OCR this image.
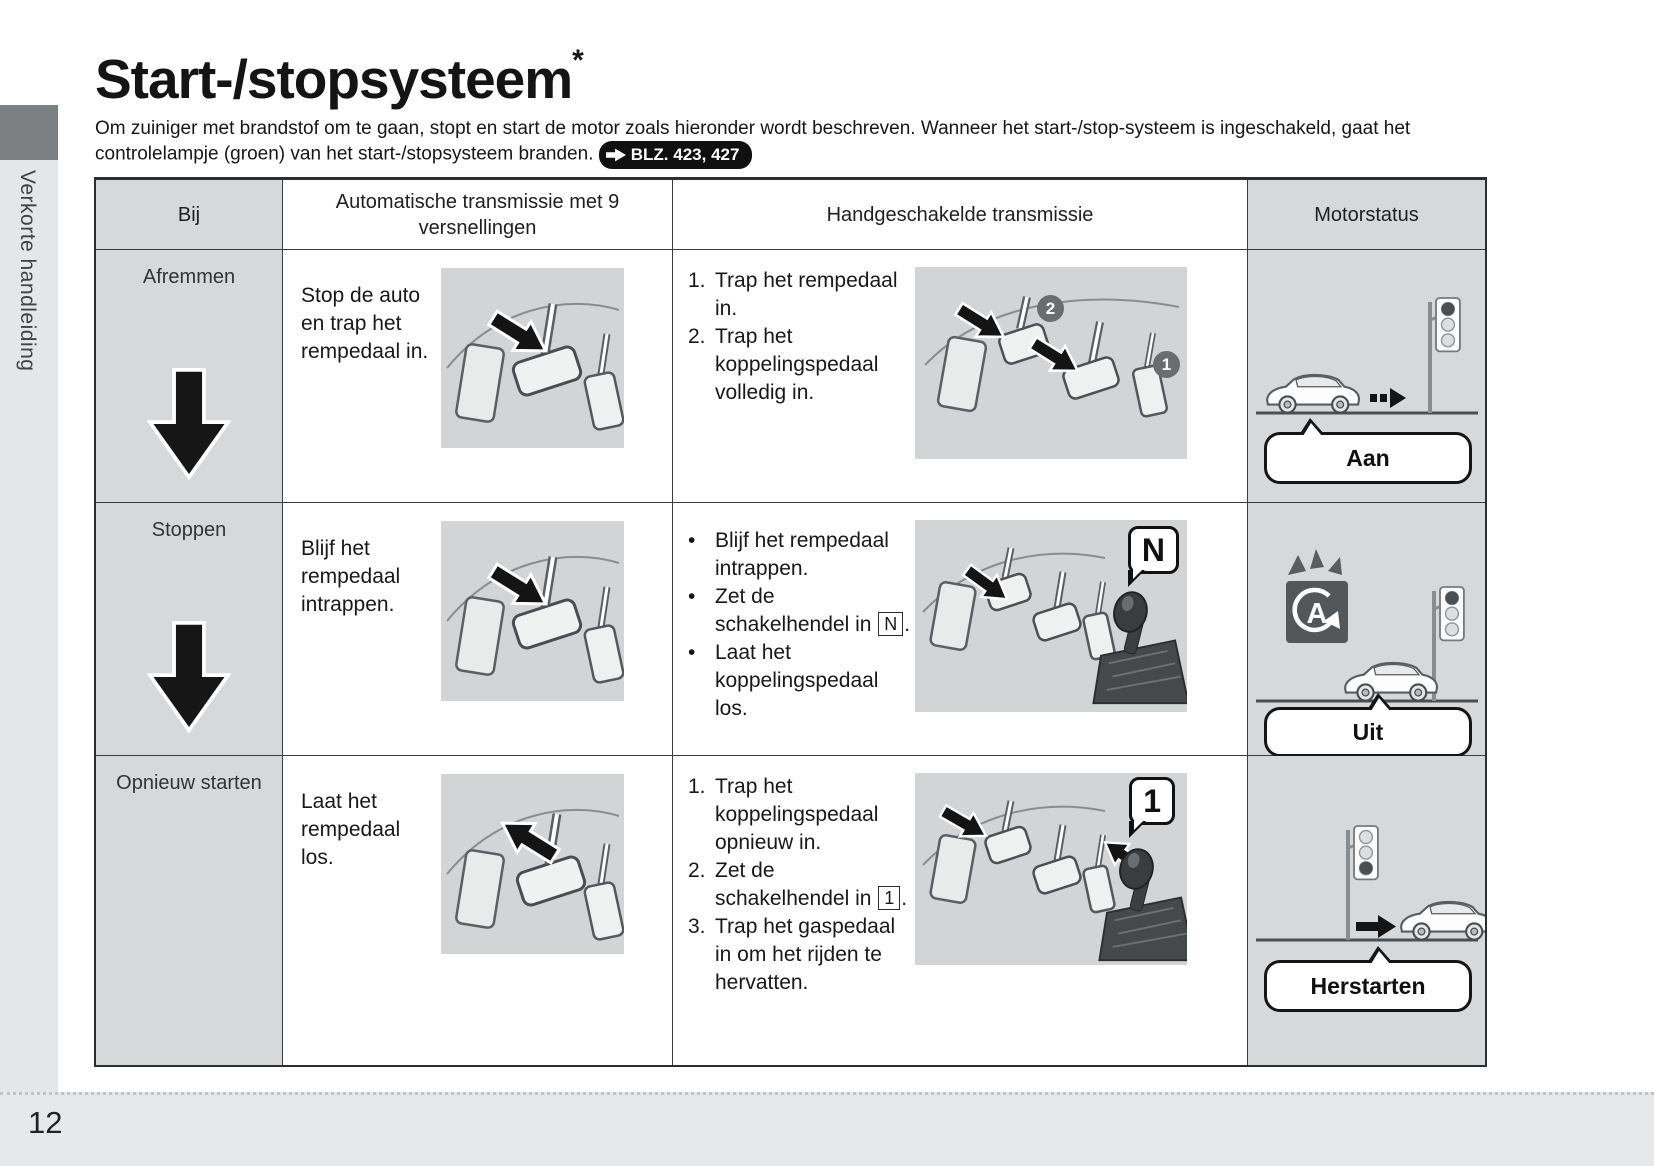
Verkorte handleiding
Start-/stopsysteem*
Om zuiniger met brandstof om te gaan, stopt en start de motor zoals hieronder wordt beschreven. Wanneer het start-/stop-systeem is ingeschakeld, gaat het controlelampje (groen) van het start-/stopsysteem branden. BLZ. 423, 427
Bij
Automatische transmissie met 9 versnellingen
Handgeschakelde transmissie	Motorstatus
Afremmen
Stop de auto en trap het rempedaal in.
1. Trap het rempedaal in.
2. Trap het koppelingspedaal volledig in.
2
1
Aan
Stoppen
Blijf het rempedaal intrappen.
• Blijf het rempedaal intrappen.
• Zet de schakelhendel in N .
• Laat het koppelingspedaal los.
N
A
Uit
Opnieuw starten
Laat het rempedaal los.
1. Trap het koppelingspedaal opnieuw in.
2. Zet de schakelhendel in 1 .
3. Trap het gaspedaal in om het rijden te hervatten.
1
Herstarten
12
